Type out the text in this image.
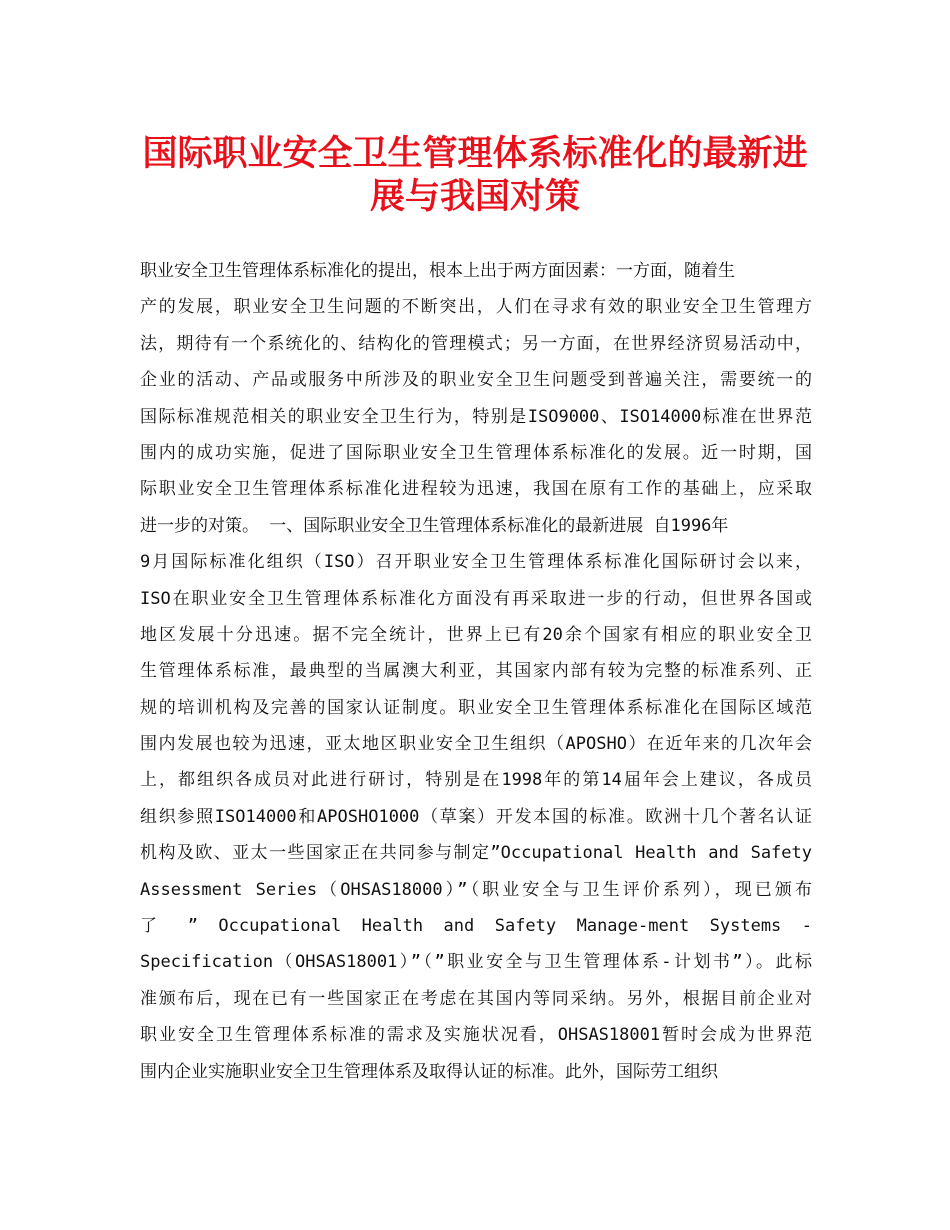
国际职业安全卫生管理体系标准化的最新进
展与我国对策
职业安全卫生管理体系标准化的提出，根本上出于两方面因素：一方面，随着生
产的发展，职业安全卫生问题的不断突出，人们在寻求有效的职业安全卫生管理方
法，期待有一个系统化的、结构化的管理模式；另一方面，在世界经济贸易活动中，
企业的活动、产品或服务中所涉及的职业安全卫生问题受到普遍关注，需要统一的
国际标准规范相关的职业安全卫生行为，特别是ISO9000、ISO14000标准在世界范
围内的成功实施，促进了国际职业安全卫生管理体系标准化的发展。近一时期，国
际职业安全卫生管理体系标准化进程较为迅速，我国在原有工作的基础上，应采取
进一步的对策。 一、国际职业安全卫生管理体系标准化的最新进展 自1996年
9月国际标准化组织（ISO）召开职业安全卫生管理体系标准化国际研讨会以来，
ISO在职业安全卫生管理体系标准化方面没有再采取进一步的行动，但世界各国或
地区发展十分迅速。据不完全统计，世界上已有20余个国家有相应的职业安全卫
生管理体系标准，最典型的当属澳大利亚，其国家内部有较为完整的标准系列、正
规的培训机构及完善的国家认证制度。职业安全卫生管理体系标准化在国际区域范
围内发展也较为迅速，亚太地区职业安全卫生组织（APOSHO）在近年来的几次年会
上，都组织各成员对此进行研讨，特别是在1998年的第14届年会上建议，各成员
组织参照ISO14000和APOSHO1000（草案）开发本国的标准。欧洲十几个著名认证
机构及欧、亚太一些国家正在共同参与制定”Occupational Health and Safety
Assessment Series（OHSAS18000）”（职业安全与卫生评价系列），现已颁布
了 ” Occupational Health and Safety Manage-ment Systems -
Specification（OHSAS18001）”（”职业安全与卫生管理体系-计划书”）。此标
准颁布后，现在已有一些国家正在考虑在其国内等同采纳。另外，根据目前企业对
职业安全卫生管理体系标准的需求及实施状况看，OHSAS18001暂时会成为世界范
围内企业实施职业安全卫生管理体系及取得认证的标准。此外，国际劳工组织
